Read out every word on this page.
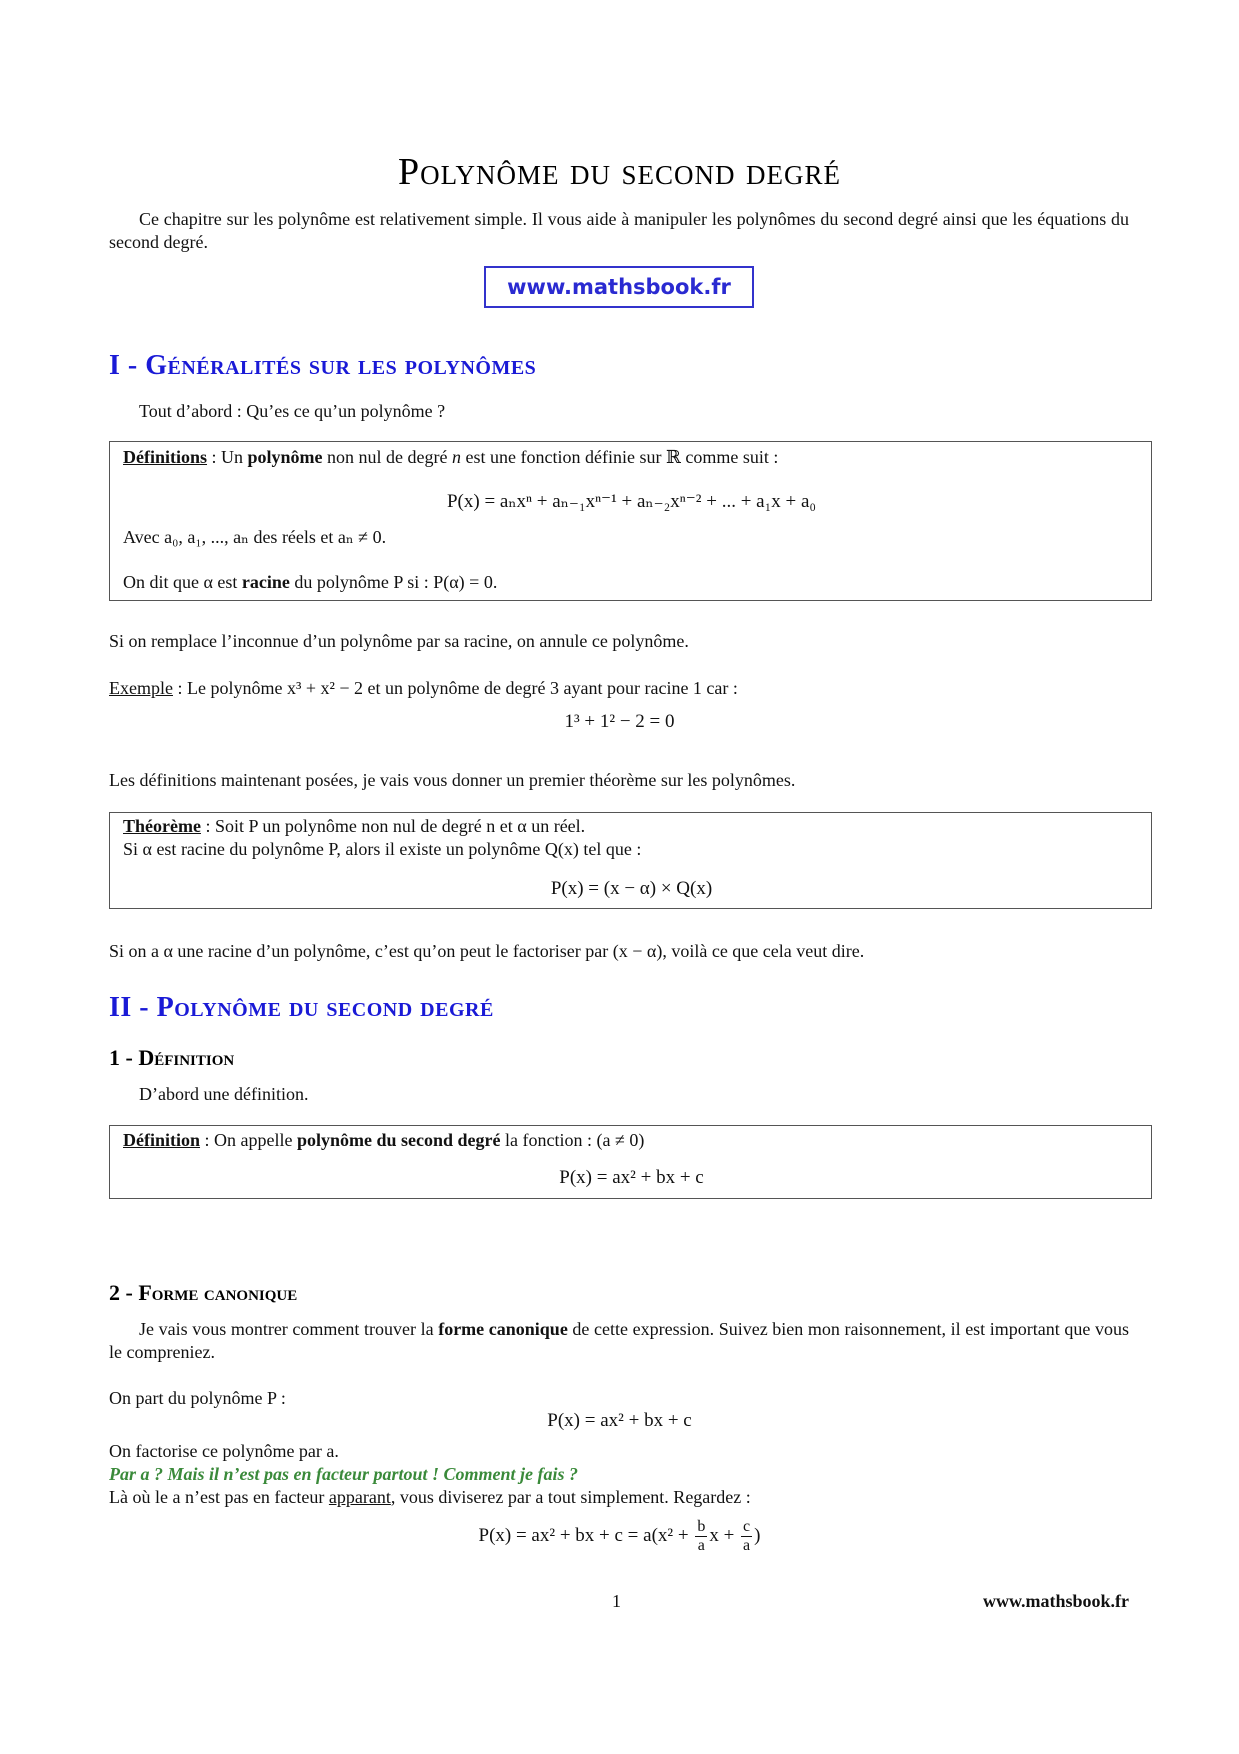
Polynôme du second degré
Ce chapitre sur les polynôme est relativement simple. Il vous aide à manipuler les polynômes du second degré ainsi que les équations du second degré.
www.mathsbook.fr
I - Généralités sur les polynômes
Tout d’abord : Qu’es ce qu’un polynôme ?
Définitions : Un polynôme non nul de degré n est une fonction définie sur ℝ comme suit :
P(x) = aₙxⁿ + aₙ₋₁xⁿ⁻¹ + aₙ₋₂xⁿ⁻² + ... + a₁x + a₀
Avec a₀, a₁, ..., aₙ des réels et aₙ ≠ 0.
On dit que α est racine du polynôme P si : P(α) = 0.
Si on remplace l’inconnue d’un polynôme par sa racine, on annule ce polynôme.
Exemple : Le polynôme x³ + x² − 2 et un polynôme de degré 3 ayant pour racine 1 car :
1³ + 1² − 2 = 0
Les définitions maintenant posées, je vais vous donner un premier théorème sur les polynômes.
Théorème : Soit P un polynôme non nul de degré n et α un réel.
Si α est racine du polynôme P, alors il existe un polynôme Q(x) tel que :
P(x) = (x − α) × Q(x)
Si on a α une racine d’un polynôme, c’est qu’on peut le factoriser par (x − α), voilà ce que cela veut dire.
II - Polynôme du second degré
1 - Définition
D’abord une définition.
Définition : On appelle polynôme du second degré la fonction : (a ≠ 0)
P(x) = ax² + bx + c
2 - Forme canonique
Je vais vous montrer comment trouver la forme canonique de cette expression. Suivez bien mon raisonnement, il est important que vous le compreniez.
On part du polynôme P :
P(x) = ax² + bx + c
On factorise ce polynôme par a.
Par a ? Mais il n’est pas en facteur partout ! Comment je fais ?
Là où le a n’est pas en facteur apparant, vous diviserez par a tout simplement. Regardez :
P(x) = ax² + bx + $c = a(x^2 + \frac{b}{a}$ $x + \frac{c}{a}$ )
1	www.mathsbook.fr
